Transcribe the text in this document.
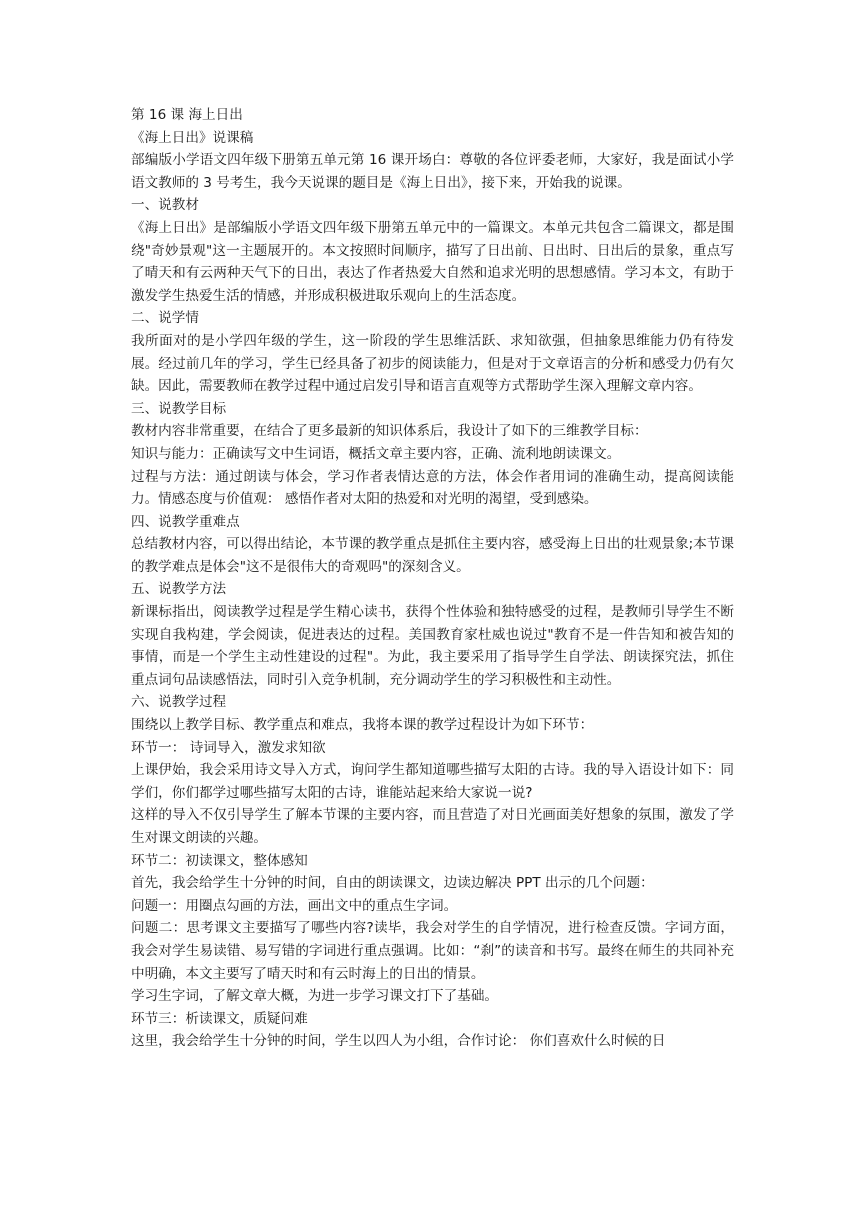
第 16 课 海上日出

《海上日出》说课稿

部编版小学语文四年级下册第五单元第 16 课开场白：尊敬的各位评委老师，大家好，我是面试小学语文教师的 3 号考生，我今天说课的题目是《海上日出》，接下来，开始我的说课。

一、说教材

《海上日出》是部编版小学语文四年级下册第五单元中的一篇课文。本单元共包含二篇课文，都是围绕"奇妙景观"这一主题展开的。本文按照时间顺序，描写了日出前、日出时、日出后的景象，重点写了晴天和有云两种天气下的日出，表达了作者热爱大自然和追求光明的思想感情。学习本文，有助于激发学生热爱生活的情感，并形成积极进取乐观向上的生活态度。

二、说学情

我所面对的是小学四年级的学生，这一阶段的学生思维活跃、求知欲强，但抽象思维能力仍有待发展。经过前几年的学习，学生已经具备了初步的阅读能力，但是对于文章语言的分析和感受力仍有欠缺。因此，需要教师在教学过程中通过启发引导和语言直观等方式帮助学生深入理解文章内容。

三、说教学目标

教材内容非常重要，在结合了更多最新的知识体系后，我设计了如下的三维教学目标：

知识与能力：正确读写文中生词语，概括文章主要内容，正确、流利地朗读课文。

过程与方法：通过朗读与体会，学习作者表情达意的方法，体会作者用词的准确生动，提高阅读能力。情感态度与价值观： 感悟作者对太阳的热爱和对光明的渴望，受到感染。

四、说教学重难点

总结教材内容，可以得出结论，本节课的教学重点是抓住主要内容，感受海上日出的壮观景象;本节课的教学难点是体会"这不是很伟大的奇观吗"的深刻含义。

五、说教学方法

新课标指出，阅读教学过程是学生精心读书，获得个性体验和独特感受的过程，是教师引导学生不断实现自我构建，学会阅读，促进表达的过程。美国教育家杜威也说过"教育不是一件告知和被告知的事情，而是一个学生主动性建设的过程"。为此，我主要采用了指导学生自学法、朗读探究法，抓住重点词句品读感悟法，同时引入竞争机制，充分调动学生的学习积极性和主动性。

六、说教学过程

围绕以上教学目标、教学重点和难点，我将本课的教学过程设计为如下环节：

环节一： 诗词导入，激发求知欲

上课伊始，我会采用诗文导入方式，询问学生都知道哪些描写太阳的古诗。我的导入语设计如下：同学们，你们都学过哪些描写太阳的古诗，谁能站起来给大家说一说?

这样的导入不仅引导学生了解本节课的主要内容，而且营造了对日光画面美好想象的氛围，激发了学生对课文朗读的兴趣。

环节二：初读课文，整体感知

首先，我会给学生十分钟的时间，自由的朗读课文，边读边解决 PPT 出示的几个问题：

问题一：用圈点勾画的方法，画出文中的重点生字词。

问题二：思考课文主要描写了哪些内容?读毕，我会对学生的自学情况，进行检查反馈。字词方面，我会对学生易读错、易写错的字词进行重点强调。比如：“刹”的读音和书写。最终在师生的共同补充中明确，本文主要写了晴天时和有云时海上的日出的情景。

学习生字词，了解文章大概，为进一步学习课文打下了基础。

环节三：析读课文，质疑问难

这里，我会给学生十分钟的时间，学生以四人为小组，合作讨论： 你们喜欢什么时候的日
